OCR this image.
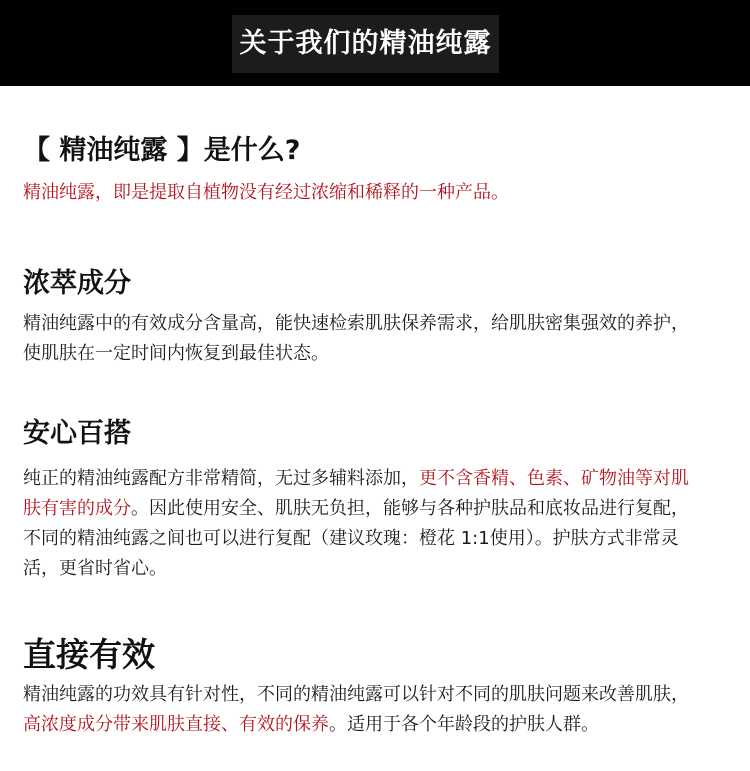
关于我们的精油纯露
【 精油纯露 】是什么?

精油纯露，即是提取自植物没有经过浓缩和稀释的一种产品。

浓萃成分

精油纯露中的有效成分含量高，能快速检索肌肤保养需求，给肌肤密集强效的养护，
使肌肤在一定时间内恢复到最佳状态。

安心百搭

纯正的精油纯露配方非常精简，无过多辅料添加，更不含香精、色素、矿物油等对肌
肤有害的成分。因此使用安全、肌肤无负担，能够与各种护肤品和底妆品进行复配，
不同的精油纯露之间也可以进行复配（建议玫瑰：橙花 1:1使用）。护肤方式非常灵
活，更省时省心。

直接有效

精油纯露的功效具有针对性，不同的精油纯露可以针对不同的肌肤问题来改善肌肤，
高浓度成分带来肌肤直接、有效的保养。适用于各个年龄段的护肤人群。
